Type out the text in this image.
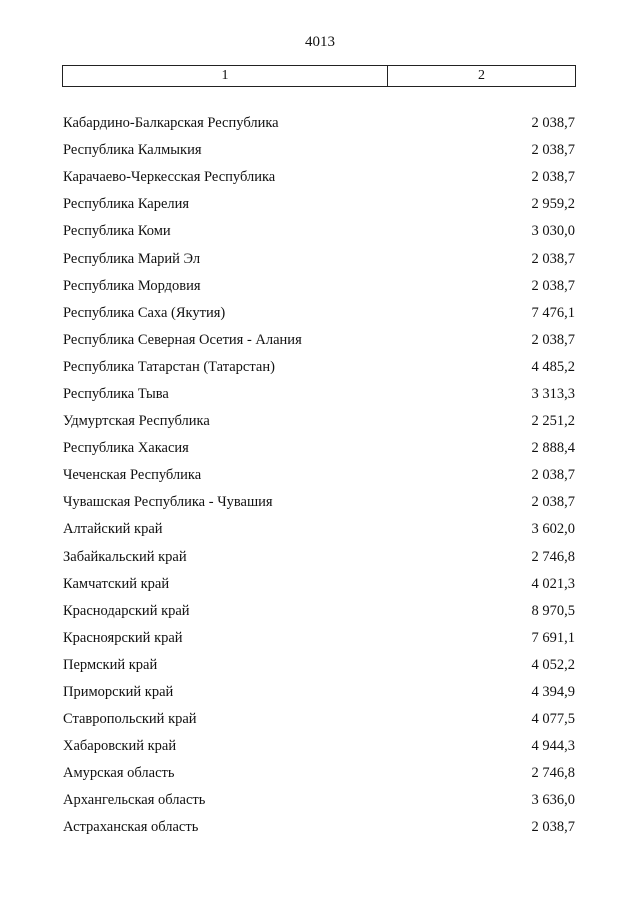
4013
1	2
Кабардино-Балкарская Республика	2 038,7
Республика Калмыкия	2 038,7
Карачаево-Черкесская Республика	2 038,7
Республика Карелия	2 959,2
Республика Коми	3 030,0
Республика Марий Эл	2 038,7
Республика Мордовия	2 038,7
Республика Саха (Якутия)	7 476,1
Республика Северная Осетия - Алания	2 038,7
Республика Татарстан (Татарстан)	4 485,2
Республика Тыва	3 313,3
Удмуртская Республика	2 251,2
Республика Хакасия	2 888,4
Чеченская Республика	2 038,7
Чувашская Республика - Чувашия	2 038,7
Алтайский край	3 602,0
Забайкальский край	2 746,8
Камчатский край	4 021,3
Краснодарский край	8 970,5
Красноярский край	7 691,1
Пермский край	4 052,2
Приморский край	4 394,9
Ставропольский край	4 077,5
Хабаровский край	4 944,3
Амурская область	2 746,8
Архангельская область	3 636,0
Астраханская область	2 038,7
